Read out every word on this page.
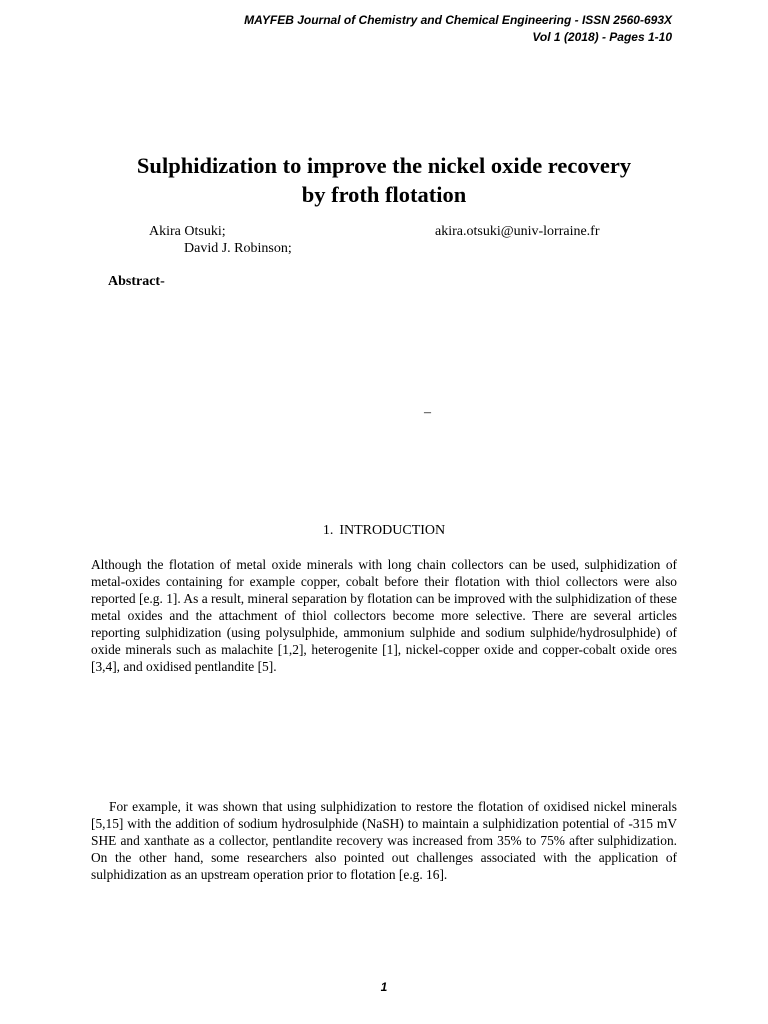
MAYFEB Journal of Chemistry and Chemical Engineering - ISSN 2560-693X
Vol 1 (2018) - Pages 1-10
Sulphidization to improve the nickel oxide recovery
by froth flotation
Akira Otsuki;
David J. Robinson;
akira.otsuki@univ-lorraine.fr
Abstract-
–
1. INTRODUCTION

Although the flotation of metal oxide minerals with long chain collectors can be used, sulphidization of metal-oxides containing for example copper, cobalt before their flotation with thiol collectors were also reported [e.g. 1]. As a result, mineral separation by flotation can be improved with the sulphidization of these metal oxides and the attachment of thiol collectors become more selective. There are several articles reporting sulphidization (using polysulphide, ammonium sulphide and sodium sulphide/hydrosulphide) of oxide minerals such as malachite [1,2], heterogenite [1], nickel-copper oxide and copper-cobalt oxide ores [3,4], and oxidised pentlandite [5].

For example, it was shown that using sulphidization to restore the flotation of oxidised nickel minerals [5,15] with the addition of sodium hydrosulphide (NaSH) to maintain a sulphidization potential of -315 mV SHE and xanthate as a collector, pentlandite recovery was increased from 35% to 75% after sulphidization. On the other hand, some researchers also pointed out challenges associated with the application of sulphidization as an upstream operation prior to flotation [e.g. 16].

1
